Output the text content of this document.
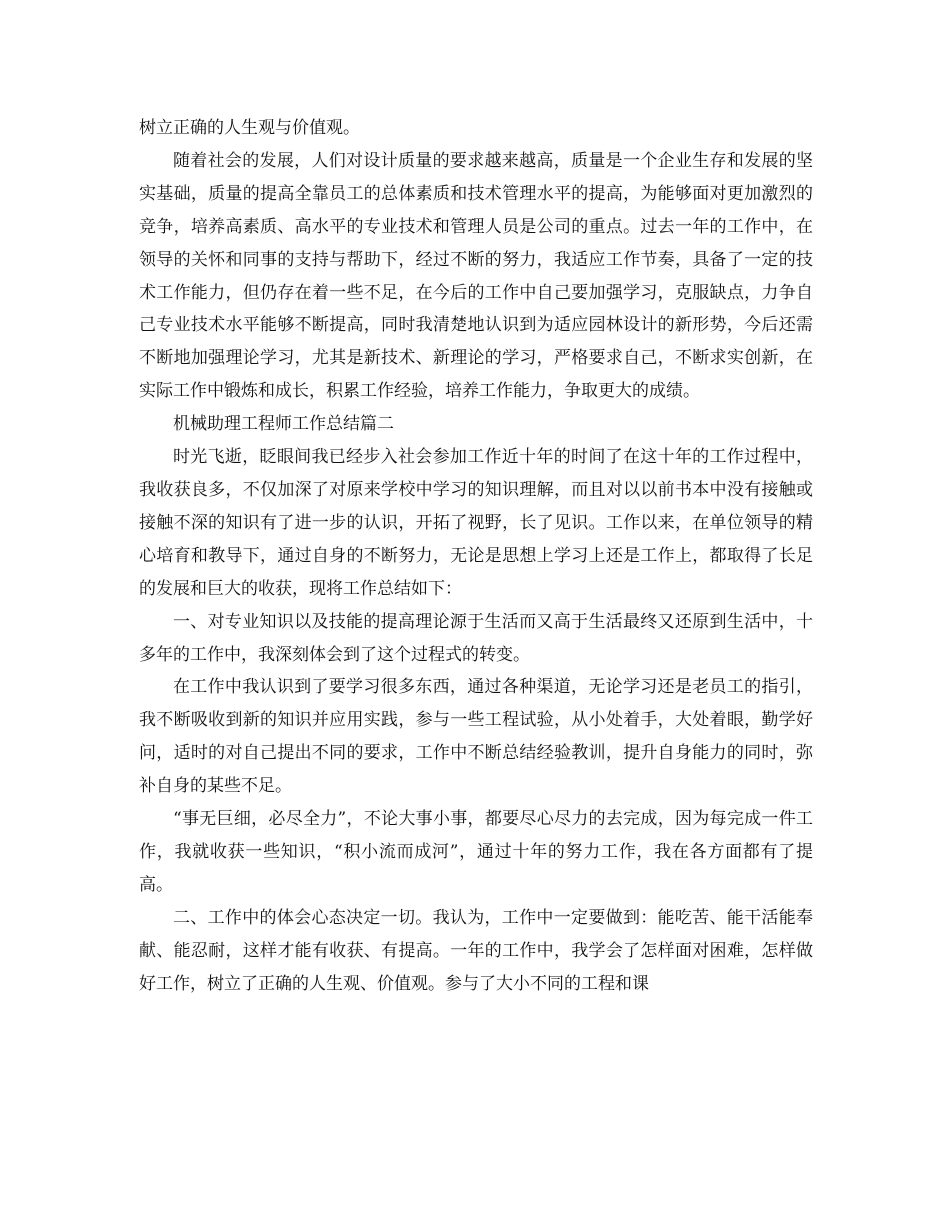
树立正确的人生观与价值观。

随着社会的发展，人们对设计质量的要求越来越高，质量是一个企业生存和发展的坚实基础，质量的提高全靠员工的总体素质和技术管理水平的提高，为能够面对更加激烈的竞争，培养高素质、高水平的专业技术和管理人员是公司的重点。过去一年的工作中，在领导的关怀和同事的支持与帮助下，经过不断的努力，我适应工作节奏，具备了一定的技术工作能力，但仍存在着一些不足，在今后的工作中自己要加强学习，克服缺点，力争自己专业技术水平能够不断提高，同时我清楚地认识到为适应园林设计的新形势，今后还需不断地加强理论学习，尤其是新技术、新理论的学习，严格要求自己，不断求实创新，在实际工作中锻炼和成长，积累工作经验，培养工作能力，争取更大的成绩。

机械助理工程师工作总结篇二

时光飞逝，眨眼间我已经步入社会参加工作近十年的时间了在这十年的工作过程中，我收获良多，不仅加深了对原来学校中学习的知识理解，而且对以以前书本中没有接触或接触不深的知识有了进一步的认识，开拓了视野，长了见识。工作以来，在单位领导的精心培育和教导下，通过自身的不断努力，无论是思想上学习上还是工作上，都取得了长足的发展和巨大的收获，现将工作总结如下：

一、对专业知识以及技能的提高理论源于生活而又高于生活最终又还原到生活中，十多年的工作中，我深刻体会到了这个过程式的转变。

在工作中我认识到了要学习很多东西，通过各种渠道，无论学习还是老员工的指引，我不断吸收到新的知识并应用实践，参与一些工程试验，从小处着手，大处着眼，勤学好问，适时的对自己提出不同的要求，工作中不断总结经验教训，提升自身能力的同时，弥补自身的某些不足。

“事无巨细，必尽全力”，不论大事小事，都要尽心尽力的去完成，因为每完成一件工作，我就收获一些知识，“积小流而成河”，通过十年的努力工作，我在各方面都有了提高。

二、工作中的体会心态决定一切。我认为，工作中一定要做到：能吃苦、能干活能奉献、能忍耐，这样才能有收获、有提高。一年的工作中，我学会了怎样面对困难，怎样做好工作，树立了正确的人生观、价值观。参与了大小不同的工程和课
